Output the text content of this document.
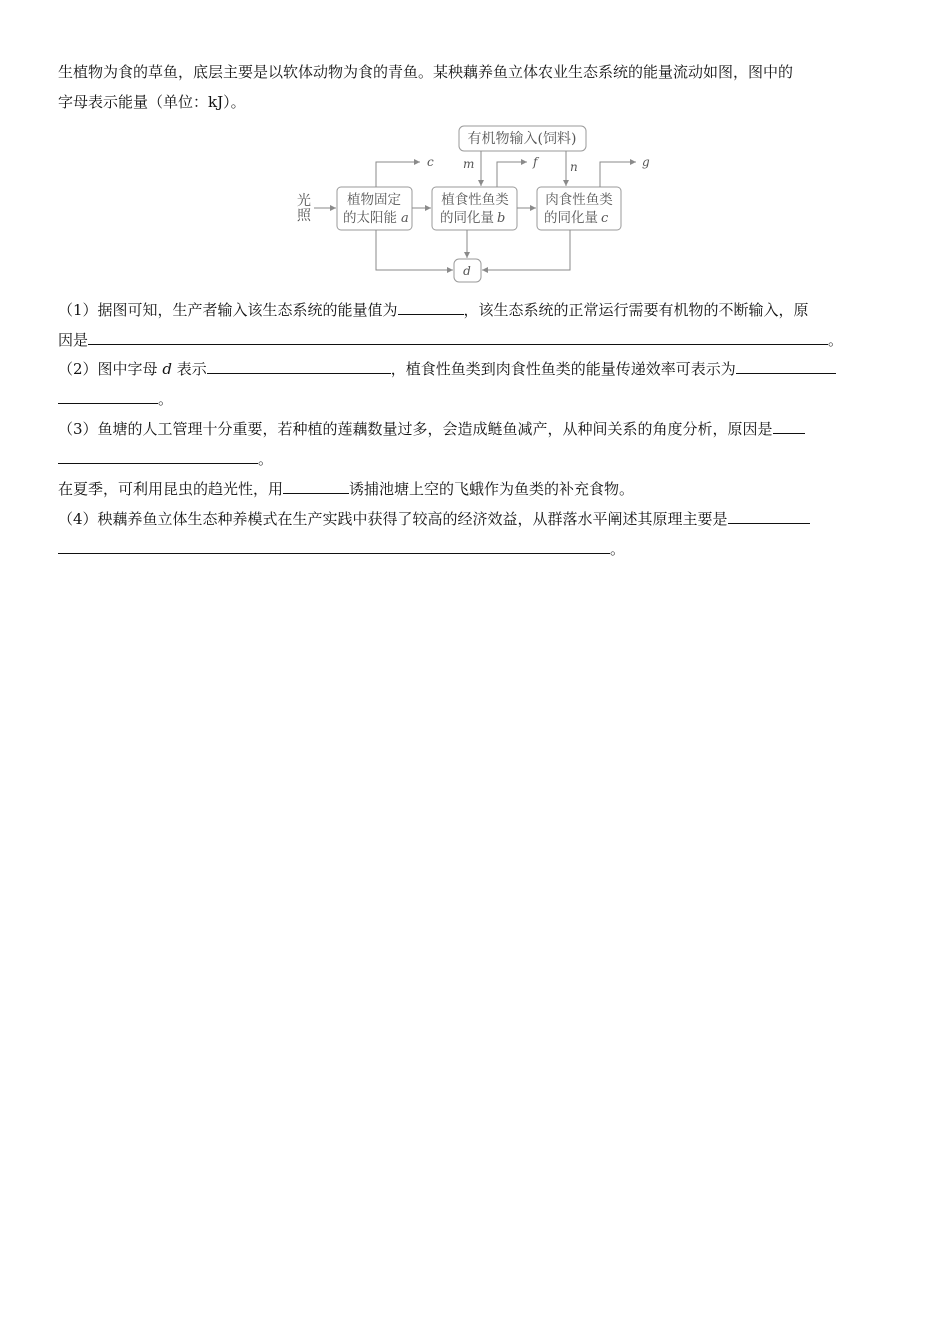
生植物为食的草鱼，底层主要是以软体动物为食的青鱼。某秧藕养鱼立体农业生态系统的能量流动如图，图中的
字母表示能量（单位：kJ）。
有机物输入(饲料)
光
照
植物固定
的太阳能 a
植食性鱼类
的同化量 b
肉食性鱼类
的同化量 c
c m	f	n	g
d
（1）据图可知，生产者输入该生态系统的能量值为	，该生态系统的正常运行需要有机物的不断输入，原
因是	。
（2）图中字母 d 表示	，植食性鱼类到肉食性鱼类的能量传递效率可表示为
。
（3）鱼塘的人工管理十分重要，若种植的莲藕数量过多，会造成鲢鱼减产，从种间关系的角度分析，原因是
。
在夏季，可利用昆虫的趋光性，用	诱捕池塘上空的飞蛾作为鱼类的补充食物。
（4）秧藕养鱼立体生态种养模式在生产实践中获得了较高的经济效益，从群落水平阐述其原理主要是
。
